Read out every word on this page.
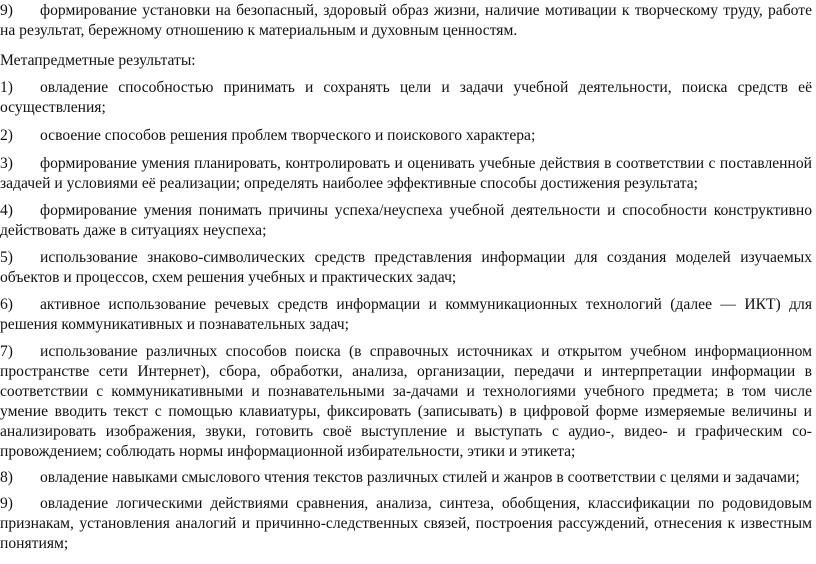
9) формирование установки на безопасный, здоровый образ жизни, наличие мотивации к творческому труду, работе на результат, бережному отношению к материальным и духовным ценностям.

Метапредметные результаты:

1) овладение способностью принимать и сохранять цели и задачи учебной деятельности, поиска средств её осуществления;

2) освоение способов решения проблем творческого и поискового характера;

3) формирование умения планировать, контролировать и оценивать учебные действия в соответствии с поставленной задачей и условиями её реализации; определять наиболее эффективные способы достижения результата;

4) формирование умения понимать причины успеха/неуспеха учебной деятельности и способности конструктивно действовать даже в ситуациях неуспеха;

5) использование знаково-символических средств представления информации для создания моделей изучаемых объектов и процессов, схем решения учебных и практических задач;

6) активное использование речевых средств информации и коммуникационных технологий (далее — ИКТ) для решения коммуникативных и познавательных задач;

7) использование различных способов поиска (в справочных источниках и открытом учебном информационном пространстве сети Интернет), сбора, обработки, анализа, организации, передачи и интерпретации информации в соответствии с коммуникативными и познавательными за-дачами и технологиями учебного предмета; в том числе умение вводить текст с помощью клавиатуры, фиксировать (записывать) в цифровой форме измеряемые величины и анализировать изображения, звуки, готовить своё выступление и выступать с аудио-, видео- и графическим со-провождением; соблюдать нормы информационной избирательности, этики и этикета;

8) овладение навыками смыслового чтения текстов различных стилей и жанров в соответствии с целями и задачами;

9) овладение логическими действиями сравнения, анализа, синтеза, обобщения, классификации по родовидовым признакам, установления аналогий и причинно-следственных связей, построения рассуждений, отнесения к известным понятиям;
